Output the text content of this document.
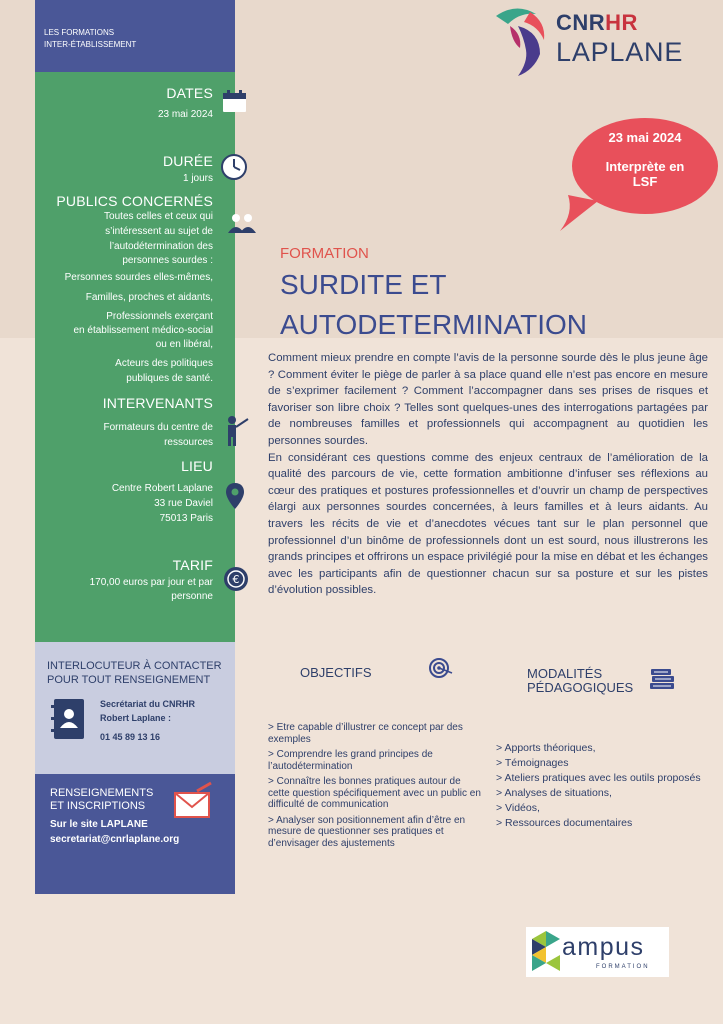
LES FORMATIONS
INTER-ÉTABLISSEMENT
DATES
23 mai 2024
DURÉE
1 jours
PUBLICS CONCERNÉS
Toutes celles et ceux qui
s’intéressent au sujet de
l’autodétermination des
personnes sourdes :
Personnes sourdes elles-mêmes,
Familles, proches et aidants,
Professionnels exerçant
en établissement médico-social
ou en libéral,
Acteurs des politiques
publiques de santé.
INTERVENANTS
Formateurs du centre de
ressources
LIEU
Centre Robert Laplane
33 rue Daviel
75013 Paris
TARIF
170,00 euros par jour et par
personne
€
INTERLOCUTEUR À CONTACTER
POUR TOUT RENSEIGNEMENT
Secrétariat du CNRHR
Robert Laplane :
01 45 89 13 16
RENSEIGNEMENTS
ET INSCRIPTIONS
Sur le site LAPLANE
secretariat@cnrlaplane.org
CNRHR
LAPLANE
23 mai 2024
Interprète en
LSF
FORMATION
SURDITE ET
AUTODETERMINATION

Comment mieux prendre en compte l’avis de la personne sourde dès le plus jeune âge ? Comment éviter le piège de parler à sa place quand elle n’est pas encore en mesure de s’exprimer facilement ? Comment l’accompagner dans ses prises de risques et favoriser son libre choix ? Telles sont quelques-unes des interrogations partagées par de nombreuses familles et professionnels qui accompagnent au quotidien les personnes sourdes.

En considérant ces questions comme des enjeux centraux de l’amélioration de la qualité des parcours de vie, cette formation ambitionne d’infuser ses réflexions au cœur des pratiques et postures professionnelles et d’ouvrir un champ de perspectives élargi aux personnes sourdes concernées, à leurs familles et à leurs aidants. Au travers les récits de vie et d’anecdotes vécues tant sur le plan personnel que professionnel d’un binôme de professionnels dont un est sourd, nous illustrerons les grands principes et offrirons un espace privilégié pour la mise en débat et les échanges avec les participants afin de questionner chacun sur sa posture et sur les pistes d’évolution possibles.

OBJECTIFS
> Etre capable d’illustrer ce concept par des exemples
> Comprendre les grand principes de l’autodétermination
> Connaître les bonnes pratiques autour de cette question spécifiquement avec un public en difficulté de communication
> Analyser son positionnement afin d’être en mesure de questionner ses pratiques et d’envisager des ajustements
MODALITÉS
PÉDAGOGIQUES
> Apports théoriques,
> Témoignages
> Ateliers pratiques avec les outils proposés
> Analyses de situations,
> Vidéos,
> Ressources documentaires
ampus
FORMATION
